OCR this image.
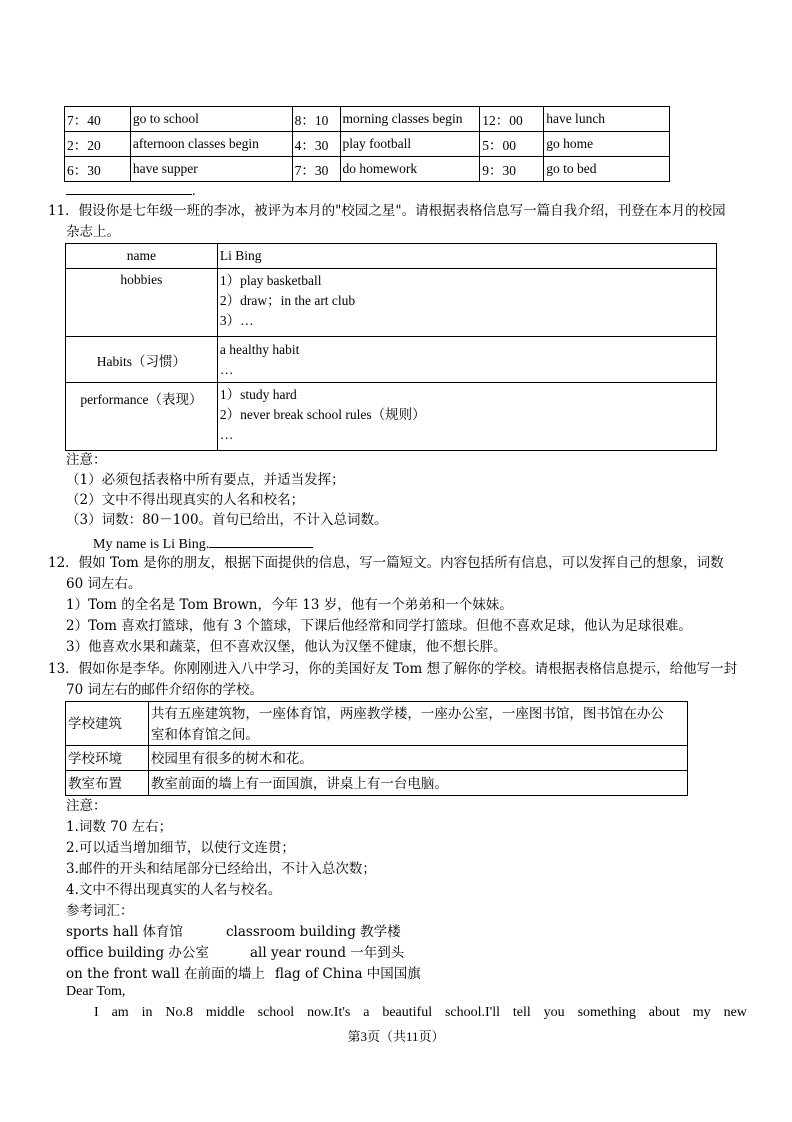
7：40	go to school	8：10	morning classes begin	12：00	have lunch
2：20	afternoon classes begin	4：30	play football	5：00	go home
6：30	have supper	7：30	do homework	9：30	go to bed
.
11．假设你是七年级一班的李冰，被评为本月的"校园之星"。请根据表格信息写一篇自我介绍，刊登在本月的校园
杂志上。
name	Li Bing
hobbies	1）play basketball
2）draw；in the art club
3）…

Habits（习惯）	a healthy habit
…

performance（表现）	1）study hard
2）never break school rules（规则）
…
注意：
（1）必须包括表格中所有要点，并适当发挥；
（2）文中不得出现真实的人名和校名；
（3）词数：80－100。首句已给出，不计入总词数。
My name is Li Bing.
12．假如 Tom 是你的朋友，根据下面提供的信息，写一篇短文。内容包括所有信息，可以发挥自己的想象，词数
60 词左右。
1）Tom 的全名是 Tom Brown，今年 13 岁，他有一个弟弟和一个妹妹。
2）Tom 喜欢打篮球，他有 3 个篮球，下课后他经常和同学打篮球。但他不喜欢足球，他认为足球很难。
3）他喜欢水果和蔬菜，但不喜欢汉堡，他认为汉堡不健康，他不想长胖。
13．假如你是李华。你刚刚进入八中学习，你的美国好友 Tom 想了解你的学校。请根据表格信息提示，给他写一封
70 词左右的邮件介绍你的学校。
学校建筑	共有五座建筑物，一座体育馆，两座教学楼，一座办公室，一座图书馆，图书馆在办公
室和体育馆之间。

学校环境	校园里有很多的树木和花。
教室布置	教室前面的墙上有一面国旗，讲桌上有一台电脑。
注意：
1.词数 70 左右；
2.可以适当增加细节，以使行文连贯；
3.邮件的开头和结尾部分已经给出，不计入总次数；
4.文中不得出现真实的人名与校名。
参考词汇：
sports hall 体育馆	classroom building 教学楼
office building 办公室	all year round 一年到头
on the front wall 在前面的墙上 flag of China 中国国旗
Dear Tom,
I am in No.8 middle school now.It's a beautiful school.I'll tell you something about my new
第3页（共11页）
